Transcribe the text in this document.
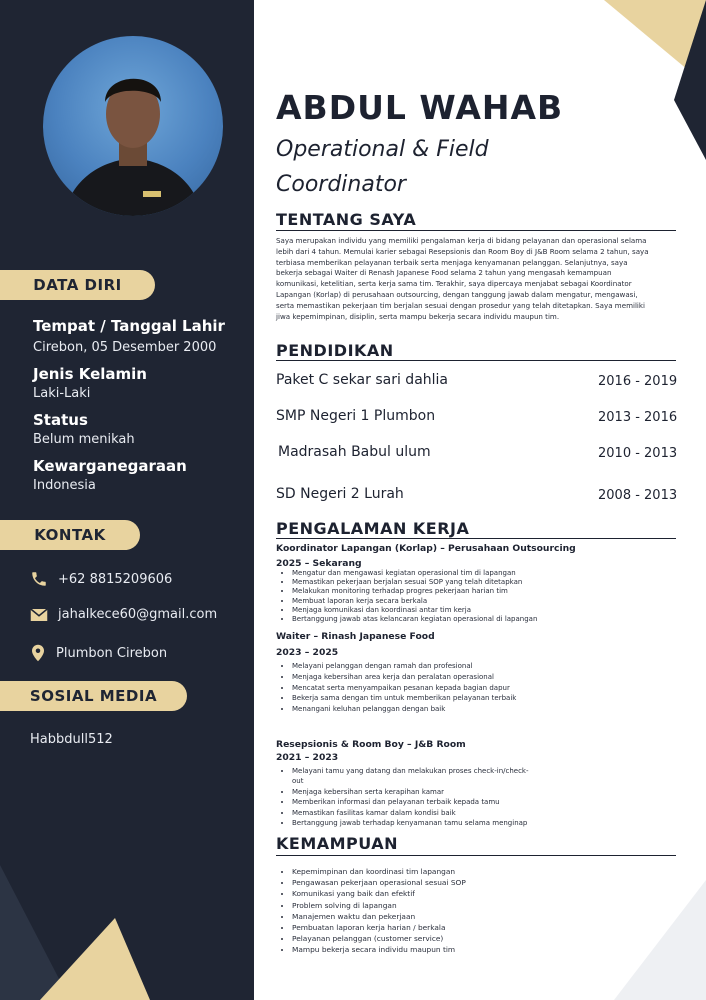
DATA DIRI
Tempat / Tanggal Lahir
Cirebon, 05 Desember 2000
Jenis Kelamin
Laki-Laki
Status
Belum menikah
Kewarganegaraan
Indonesia
KONTAK
+62 8815209606
jahalkece60@gmail.com
Plumbon Cirebon
SOSIAL MEDIA
Habbdull512
ABDUL WAHAB
Operational & Field Coordinator
TENTANG SAYA
Saya merupakan individu yang memiliki pengalaman kerja di bidang pelayanan dan operasional selama lebih dari 4 tahun. Memulai karier sebagai Resepsionis dan Room Boy di J&B Room selama 2 tahun, saya terbiasa memberikan pelayanan terbaik serta menjaga kenyamanan pelanggan. Selanjutnya, saya bekerja sebagai Waiter di Renash Japanese Food selama 2 tahun yang mengasah kemampuan komunikasi, ketelitian, serta kerja sama tim. Terakhir, saya dipercaya menjabat sebagai Koordinator Lapangan (Korlap) di perusahaan outsourcing, dengan tanggung jawab dalam mengatur, mengawasi, serta memastikan pekerjaan tim berjalan sesuai dengan prosedur yang telah ditetapkan. Saya memiliki jiwa kepemimpinan, disiplin, serta mampu bekerja secara individu maupun tim.
PENDIDIKAN
Paket C sekar sari dahlia	2016 - 2019
SMP Negeri 1 Plumbon	2013 - 2016
Madrasah Babul ulum	2010 - 2013
SD Negeri 2 Lurah	2008 - 2013
PENGALAMAN KERJA
Koordinator Lapangan (Korlap) – Perusahaan Outsourcing
2025 – Sekarang
• Mengatur dan mengawasi kegiatan operasional tim di lapangan
• Memastikan pekerjaan berjalan sesuai SOP yang telah ditetapkan
• Melakukan monitoring terhadap progres pekerjaan harian tim
• Membuat laporan kerja secara berkala
• Menjaga komunikasi dan koordinasi antar tim kerja
• Bertanggung jawab atas kelancaran kegiatan operasional di lapangan
Waiter – Rinash Japanese Food
2023 – 2025
• Melayani pelanggan dengan ramah dan profesional
• Menjaga kebersihan area kerja dan peralatan operasional
• Mencatat serta menyampaikan pesanan kepada bagian dapur
• Bekerja sama dengan tim untuk memberikan pelayanan terbaik
• Menangani keluhan pelanggan dengan baik
Resepsionis & Room Boy – J&B Room
2021 – 2023
• Melayani tamu yang datang dan melakukan proses check-in/check-out
• Menjaga kebersihan serta kerapihan kamar
• Memberikan informasi dan pelayanan terbaik kepada tamu
• Memastikan fasilitas kamar dalam kondisi baik
• Bertanggung jawab terhadap kenyamanan tamu selama menginap
KEMAMPUAN
• Kepemimpinan dan koordinasi tim lapangan
• Pengawasan pekerjaan operasional sesuai SOP
• Komunikasi yang baik dan efektif
• Problem solving di lapangan
• Manajemen waktu dan pekerjaan
• Pembuatan laporan kerja harian / berkala
• Pelayanan pelanggan (customer service)
• Mampu bekerja secara individu maupun tim
